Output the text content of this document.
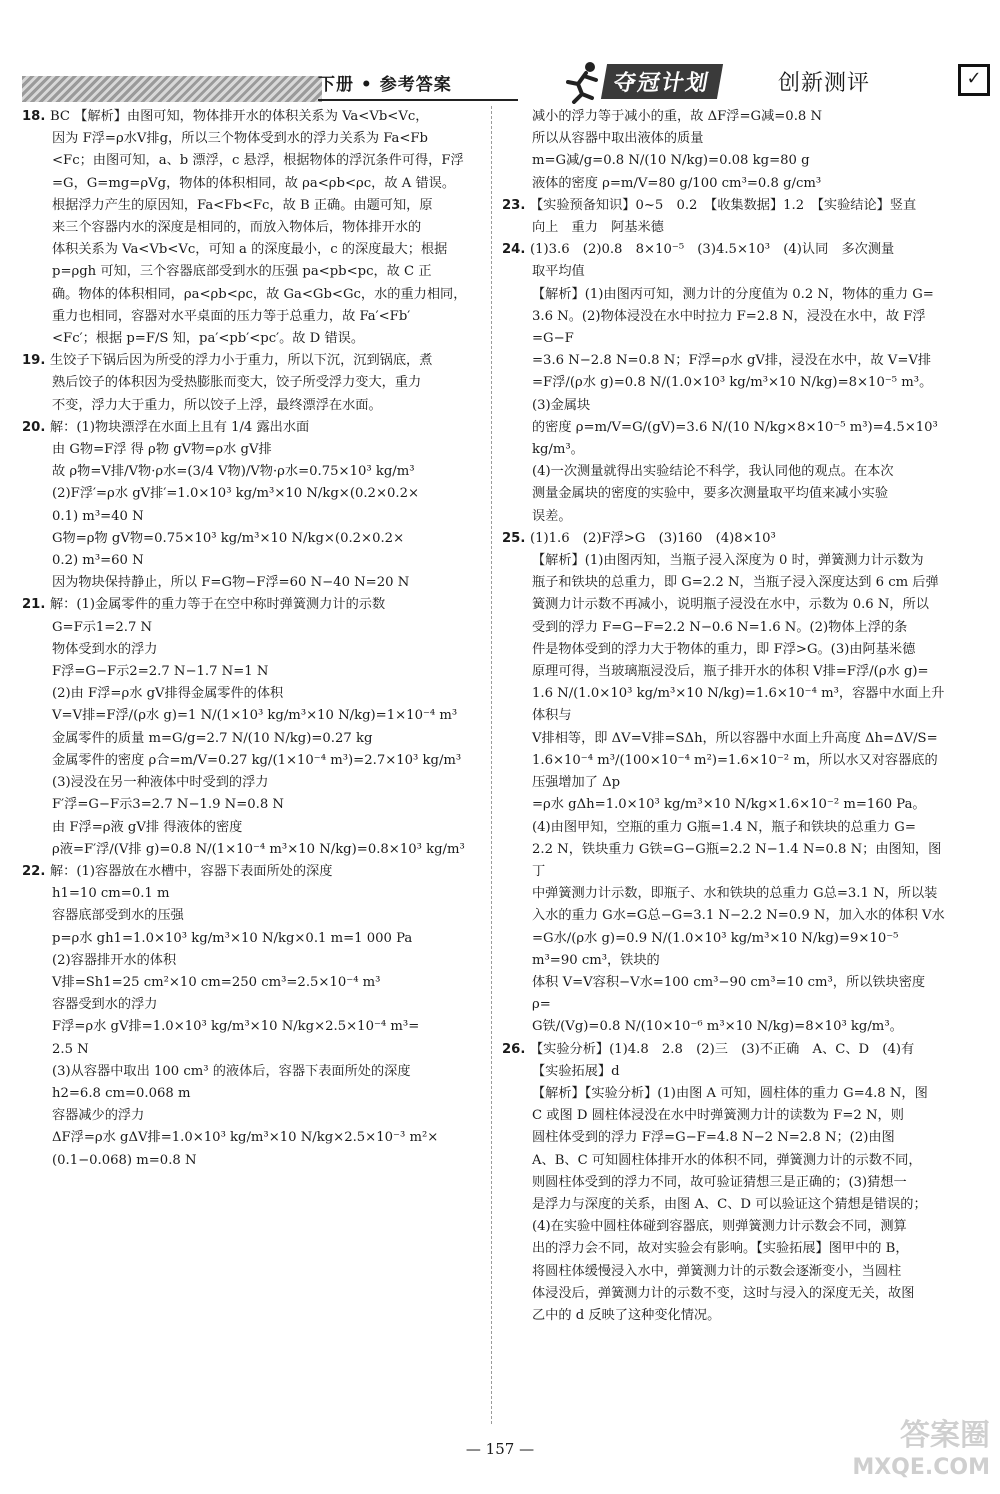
下册 • 参考答案	夺冠计划	创新测评	✓
18. BC 【解析】由图可知，物体排开水的体积关系为 Va<Vb<Vc，
因为 F浮=ρ水V排g，所以三个物体受到水的浮力关系为 Fa<Fb
<Fc；由图可知，a、b 漂浮，c 悬浮，根据物体的浮沉条件可得，F浮
=G，G=mg=ρVg，物体的体积相同，故 ρa<ρb<ρc，故 A 错误。
根据浮力产生的原因知，Fa<Fb<Fc，故 B 正确。由题可知，原
来三个容器内水的深度是相同的，而放入物体后，物体排开水的
体积关系为 Va<Vb<Vc，可知 a 的深度最小，c 的深度最大；根据
p=ρgh 可知，三个容器底部受到水的压强 pa<pb<pc，故 C 正
确。物体的体积相同，ρa<ρb<ρc，故 Ga<Gb<Gc，水的重力相同，
重力也相同，容器对水平桌面的压力等于总重力，故 Fa′<Fb′
<Fc′；根据 p=F/S 知，pa′<pb′<pc′。故 D 错误。
19. 生饺子下锅后因为所受的浮力小于重力，所以下沉，沉到锅底，煮
熟后饺子的体积因为受热膨胀而变大，饺子所受浮力变大，重力
不变，浮力大于重力，所以饺子上浮，最终漂浮在水面。
20. 解：(1)物块漂浮在水面上且有 1/4 露出水面
由 G物=F浮 得 ρ物 gV物=ρ水 gV排
故 ρ物=V排/V物·ρ水=(3/4 V物)/V物·ρ水=0.75×10³ kg/m³
(2)F浮′=ρ水 gV排′=1.0×10³ kg/m³×10 N/kg×(0.2×0.2×
0.1) m³=40 N
G物=ρ物 gV物=0.75×10³ kg/m³×10 N/kg×(0.2×0.2×
0.2) m³=60 N
因为物块保持静止，所以 F=G物−F浮=60 N−40 N=20 N
21. 解：(1)金属零件的重力等于在空中称时弹簧测力计的示数
G=F示1=2.7 N
物体受到水的浮力
F浮=G−F示2=2.7 N−1.7 N=1 N
(2)由 F浮=ρ水 gV排得金属零件的体积
V=V排=F浮/(ρ水 g)=1 N/(1×10³ kg/m³×10 N/kg)=1×10⁻⁴ m³
金属零件的质量 m=G/g=2.7 N/(10 N/kg)=0.27 kg
金属零件的密度 ρ合=m/V=0.27 kg/(1×10⁻⁴ m³)=2.7×10³ kg/m³
(3)浸没在另一种液体中时受到的浮力
F′浮=G−F示3=2.7 N−1.9 N=0.8 N
由 F浮=ρ液 gV排 得液体的密度
ρ液=F′浮/(V排 g)=0.8 N/(1×10⁻⁴ m³×10 N/kg)=0.8×10³ kg/m³
22. 解：(1)容器放在水槽中，容器下表面所处的深度
h1=10 cm=0.1 m
容器底部受到水的压强
p=ρ水 gh1=1.0×10³ kg/m³×10 N/kg×0.1 m=1 000 Pa
(2)容器排开水的体积
V排=Sh1=25 cm²×10 cm=250 cm³=2.5×10⁻⁴ m³
容器受到水的浮力
F浮=ρ水 gV排=1.0×10³ kg/m³×10 N/kg×2.5×10⁻⁴ m³=
2.5 N
(3)从容器中取出 100 cm³ 的液体后，容器下表面所处的深度
h2=6.8 cm=0.068 m
容器减少的浮力
ΔF浮=ρ水 gΔV排=1.0×10³ kg/m³×10 N/kg×2.5×10⁻³ m²×
(0.1−0.068) m=0.8 N
减小的浮力等于减小的重，故 ΔF浮=G减=0.8 N
所以从容器中取出液体的质量
m=G减/g=0.8 N/(10 N/kg)=0.08 kg=80 g
液体的密度 ρ=m/V=80 g/100 cm³=0.8 g/cm³
23. 【实验预备知识】0~5　0.2　【收集数据】1.2　【实验结论】竖直
向上　重力　阿基米德
24. (1)3.6　(2)0.8　8×10⁻⁵　(3)4.5×10³　(4)认同　多次测量
取平均值
【解析】(1)由图丙可知，测力计的分度值为 0.2 N，物体的重力 G=
3.6 N。(2)物体浸没在水中时拉力 F=2.8 N，浸没在水中，故 F浮=G−F
=3.6 N−2.8 N=0.8 N；F浮=ρ水 gV排，浸没在水中，故 V=V排
=F浮/(ρ水 g)=0.8 N/(1.0×10³ kg/m³×10 N/kg)=8×10⁻⁵ m³。(3)金属块
的密度 ρ=m/V=G/(gV)=3.6 N/(10 N/kg×8×10⁻⁵ m³)=4.5×10³ kg/m³。
(4)一次测量就得出实验结论不科学，我认同他的观点。在本次
测量金属块的密度的实验中，要多次测量取平均值来减小实验
误差。
25. (1)1.6　(2)F浮>G　(3)160　(4)8×10³
【解析】(1)由图丙知，当瓶子浸入深度为 0 时，弹簧测力计示数为
瓶子和铁块的总重力，即 G=2.2 N，当瓶子浸入深度达到 6 cm 后弹
簧测力计示数不再减小，说明瓶子浸没在水中，示数为 0.6 N，所以
受到的浮力 F=G−F=2.2 N−0.6 N=1.6 N。(2)物体上浮的条
件是物体受到的浮力大于物体的重力，即 F浮>G。(3)由阿基米德
原理可得，当玻璃瓶浸没后，瓶子排开水的体积 V排=F浮/(ρ水 g)=
1.6 N/(1.0×10³ kg/m³×10 N/kg)=1.6×10⁻⁴ m³，容器中水面上升体积与
V排相等，即 ΔV=V排=SΔh，所以容器中水面上升高度 Δh=ΔV/S=
1.6×10⁻⁴ m³/(100×10⁻⁴ m²)=1.6×10⁻² m，所以水又对容器底的压强增加了 Δp
=ρ水 gΔh=1.0×10³ kg/m³×10 N/kg×1.6×10⁻² m=160 Pa。
(4)由图甲知，空瓶的重力 G瓶=1.4 N，瓶子和铁块的总重力 G=
2.2 N，铁块重力 G铁=G−G瓶=2.2 N−1.4 N=0.8 N；由图知，图丁
中弹簧测力计示数，即瓶子、水和铁块的总重力 G总=3.1 N，所以装
入水的重力 G水=G总−G=3.1 N−2.2 N=0.9 N，加入水的体积 V水
=G水/(ρ水 g)=0.9 N/(1.0×10³ kg/m³×10 N/kg)=9×10⁻⁵ m³=90 cm³，铁块的
体积 V=V容积−V水=100 cm³−90 cm³=10 cm³，所以铁块密度 ρ=
G铁/(Vg)=0.8 N/(10×10⁻⁶ m³×10 N/kg)=8×10³ kg/m³。
26. 【实验分析】(1)4.8　2.8　(2)三　(3)不正确　A、C、D　(4)有
【实验拓展】d
【解析】【实验分析】(1)由图 A 可知，圆柱体的重力 G=4.8 N，图
C 或图 D 圆柱体浸没在水中时弹簧测力计的读数为 F=2 N，则
圆柱体受到的浮力 F浮=G−F=4.8 N−2 N=2.8 N；(2)由图
A、B、C 可知圆柱体排开水的体积不同，弹簧测力计的示数不同，
则圆柱体受到的浮力不同，故可验证猜想三是正确的；(3)猜想一
是浮力与深度的关系，由图 A、C、D 可以验证这个猜想是错误的；
(4)在实验中圆柱体碰到容器底，则弹簧测力计示数会不同，测算
出的浮力会不同，故对实验会有影响。【实验拓展】图甲中的 B，
将圆柱体缓慢浸入水中，弹簧测力计的示数会逐渐变小，当圆柱
体浸没后，弹簧测力计的示数不变，这时与浸入的深度无关，故图
乙中的 d 反映了这种变化情况。
— 157 —	答案圈
MXQE.COM
